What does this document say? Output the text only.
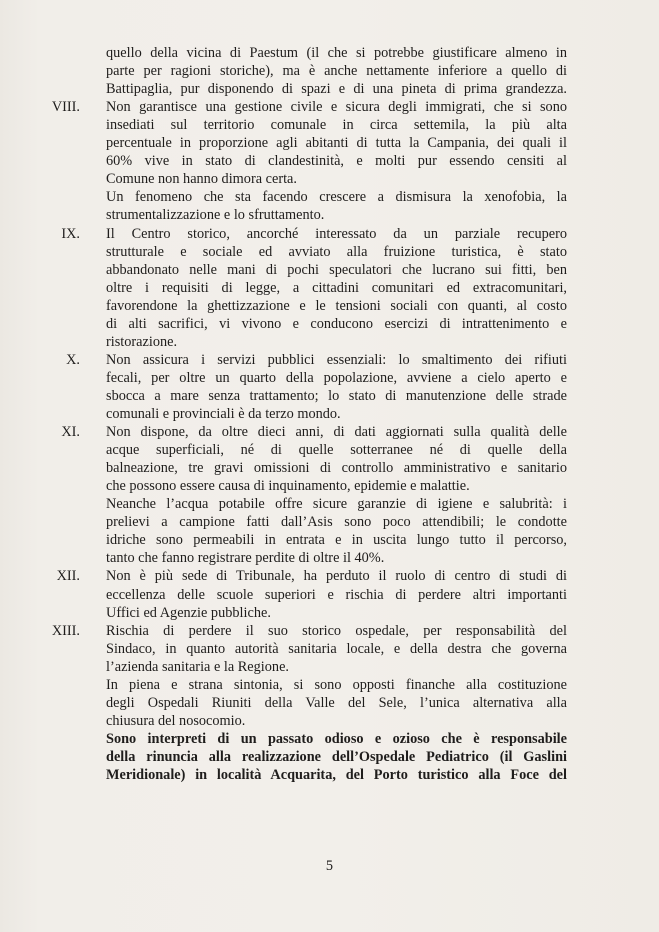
quello della vicina di Paestum (il che si potrebbe giustificare almeno in
parte per ragioni storiche), ma è anche nettamente inferiore a quello di
Battipaglia, pur disponendo di spazi e di una pineta di prima grandezza.
VIII. Non garantisce una gestione civile e sicura degli immigrati, che si sono
insediati sul territorio comunale in circa settemila, la più alta
percentuale in proporzione agli abitanti di tutta la Campania, dei quali il
60% vive in stato di clandestinità, e molti pur essendo censiti al
Comune non hanno dimora certa.
Un fenomeno che sta facendo crescere a dismisura la xenofobia, la
strumentalizzazione e lo sfruttamento.
IX. Il Centro storico, ancorché interessato da un parziale recupero
strutturale e sociale ed avviato alla fruizione turistica, è stato
abbandonato nelle mani di pochi speculatori che lucrano sui fitti, ben
oltre i requisiti di legge, a cittadini comunitari ed extracomunitari,
favorendone la ghettizzazione e le tensioni sociali con quanti, al costo
di alti sacrifici, vi vivono e conducono esercizi di intrattenimento e
ristorazione.
X. Non assicura i servizi pubblici essenziali: lo smaltimento dei rifiuti
fecali, per oltre un quarto della popolazione, avviene a cielo aperto e
sbocca a mare senza trattamento; lo stato di manutenzione delle strade
comunali e provinciali è da terzo mondo.
XI. Non dispone, da oltre dieci anni, di dati aggiornati sulla qualità delle
acque superficiali, né di quelle sotterranee né di quelle della
balneazione, tre gravi omissioni di controllo amministrativo e sanitario
che possono essere causa di inquinamento, epidemie e malattie.
Neanche l’acqua potabile offre sicure garanzie di igiene e salubrità: i
prelievi a campione fatti dall’Asis sono poco attendibili; le condotte
idriche sono permeabili in entrata e in uscita lungo tutto il percorso,
tanto che fanno registrare perdite di oltre il 40%.
XII. Non è più sede di Tribunale, ha perduto il ruolo di centro di studi di
eccellenza delle scuole superiori e rischia di perdere altri importanti
Uffici ed Agenzie pubbliche.
XIII. Rischia di perdere il suo storico ospedale, per responsabilità del
Sindaco, in quanto autorità sanitaria locale, e della destra che governa
l’azienda sanitaria e la Regione.
In piena e strana sintonia, si sono opposti finanche alla costituzione
degli Ospedali Riuniti della Valle del Sele, l’unica alternativa alla
chiusura del nosocomio.
Sono interpreti di un passato odioso e ozioso che è responsabile
della rinuncia alla realizzazione dell’Ospedale Pediatrico (il Gaslini
Meridionale) in località Acquarita, del Porto turistico alla Foce del
5
